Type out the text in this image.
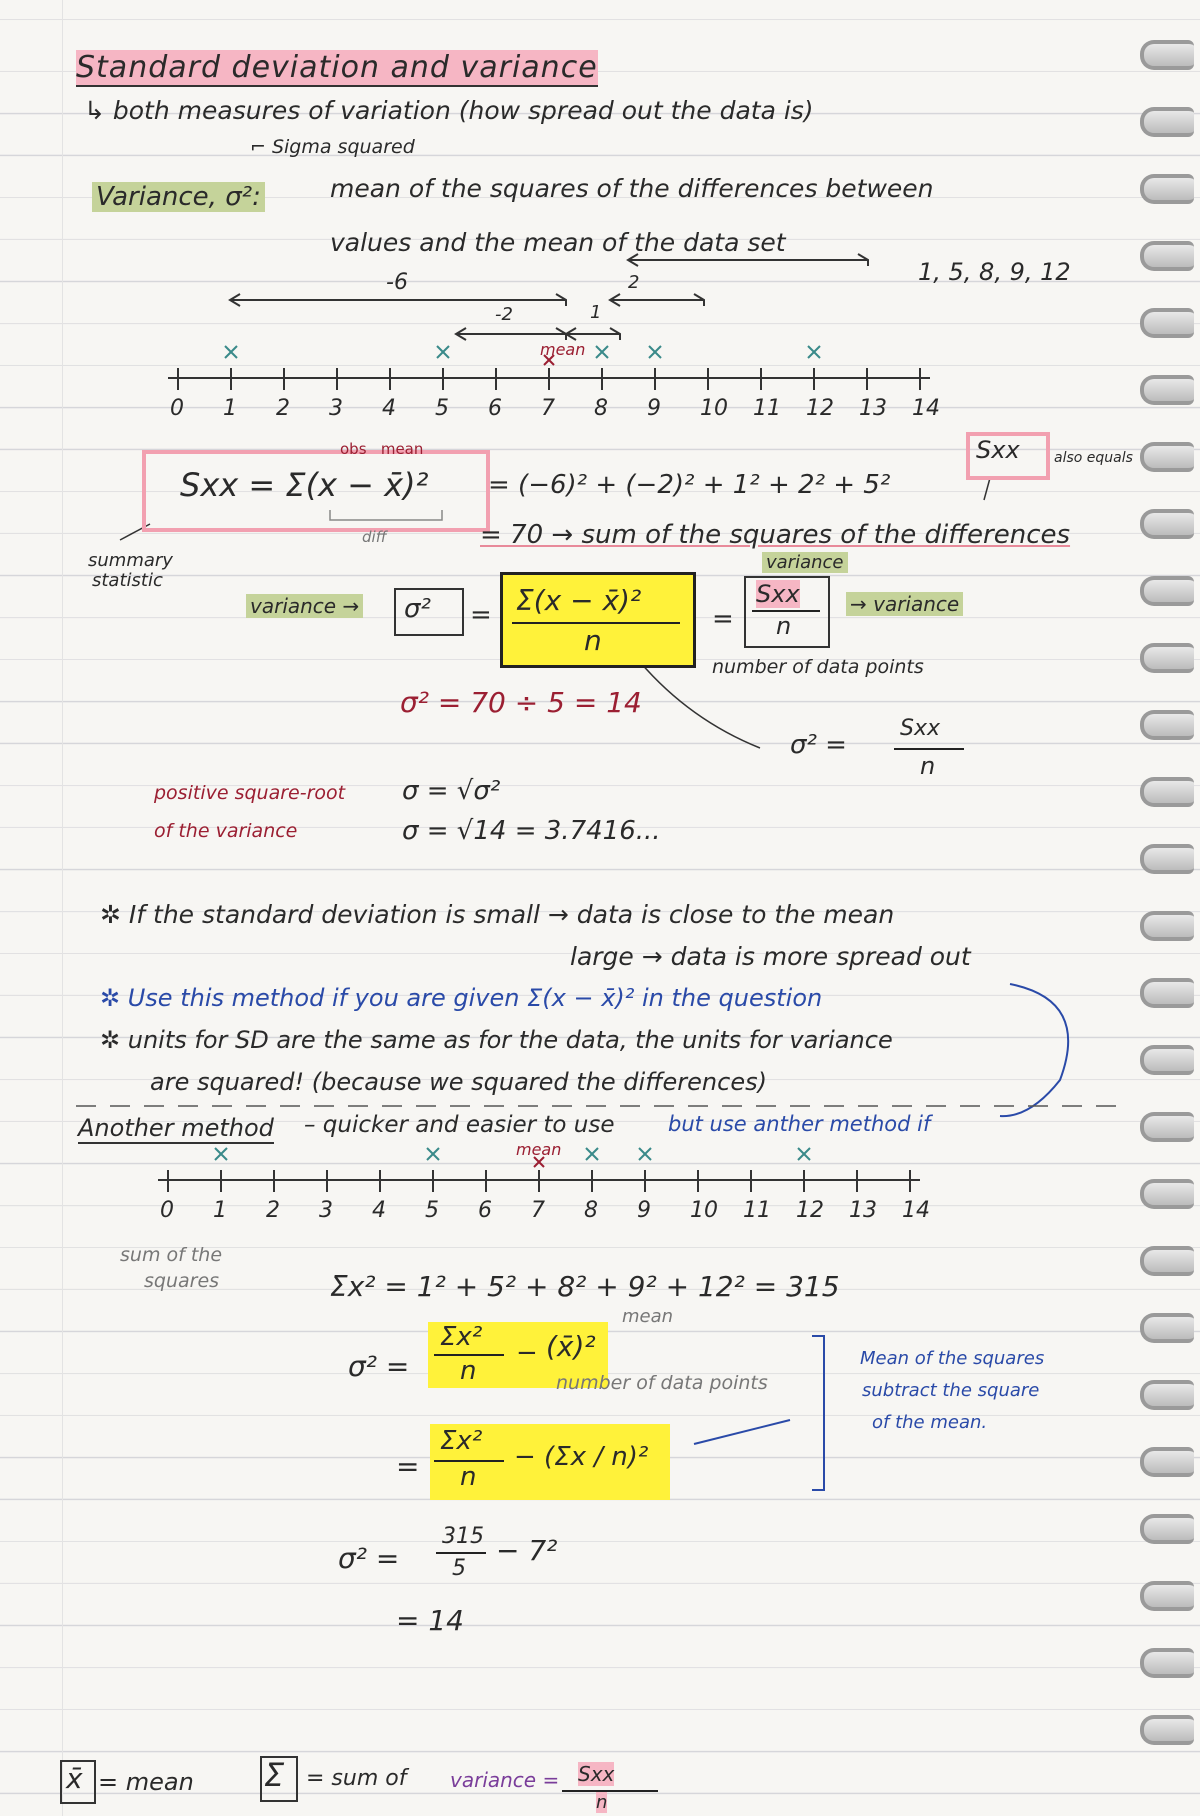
Standard deviation and variance
↳ both measures of variation (how spread out the data is)
⌐ Sigma squared
Variance, σ²:	mean of the squares of the differences between
values and the mean of the data set
1, 5, 8, 9, 12
-6
-2	1
2
mean
0 1 2 3 4 5 6 7 8 9 10 11 12 13 14
obs mean
Sxx = Σ(x − x̄)² = (−6)² + (−2)² + 1² + 2² + 5²
diff	= 70 → sum of the squares of the differences
summary
statistic
Sxx also equals
variance → σ² = Σ(x − x̄)²
n
=
Sxx
n
→ variance
variance
number of data points
σ² = 70 ÷ 5 = 14
σ² =
Sxx
n
positive square-root
of the variance
σ = √σ²
σ = √14 = 3.7416...
✲ If the standard deviation is small → data is close to the mean
large → data is more spread out
✲ Use this method if you are given Σ(x − x̄)² in the question
✲ units for SD are the same as for the data, the units for variance
are squared! (because we squared the differences)
Another method – quicker and easier to use	but use anther method if
mean
0 1 2 3 4 5 6 7 8 9 10 11 12 13 14
sum of the
squares	Σx² = 1² + 5² + 8² + 9² + 12² = 315
mean
σ² =
Σx²
n
− (x̄)²
number of data points
=
Σx²
n
− (Σx / n)²
σ² =
315
5
− 7²
= 14
Mean of the squares
subtract the square
of the mean.
x̄ = mean Σ = sum of variance = Sxx
n
